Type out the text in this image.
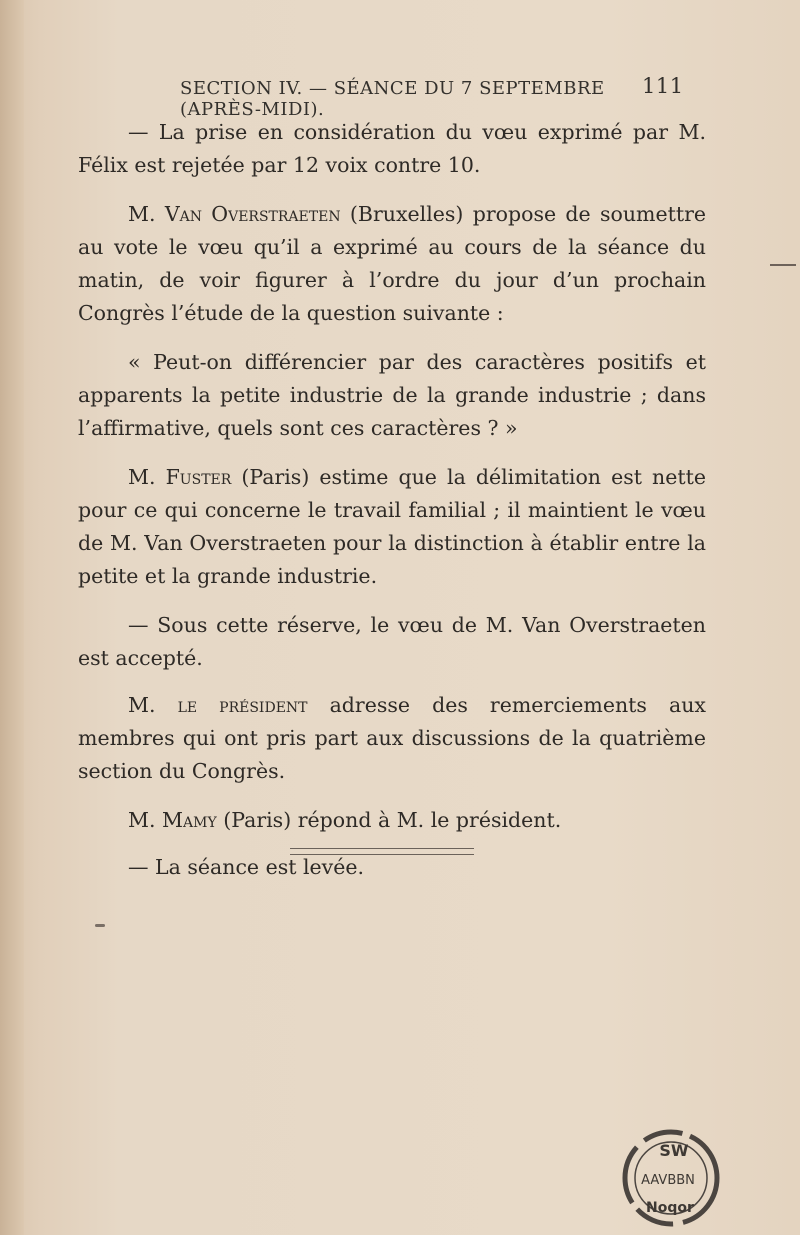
SECTION IV. — SÉANCE DU 7 SEPTEMBRE (APRÈS-MIDI).
111

— La prise en considération du vœu exprimé par M. Félix est rejetée par 12 voix contre 10.

M. Van Overstraeten (Bruxelles) propose de soumettre au vote le vœu qu’il a exprimé au cours de la séance du matin, de voir figurer à l’ordre du jour d’un prochain Congrès l’étude de la question suivante :

« Peut-on différencier par des caractères positifs et apparents la petite industrie de la grande industrie ; dans l’affirmative, quels sont ces caractères ? »

M. Fuster (Paris) estime que la délimitation est nette pour ce qui concerne le travail familial ; il maintient le vœu de M. Van Overstraeten pour la distinction à établir entre la petite et la grande industrie.

— Sous cette réserve, le vœu de M. Van Overstraeten est accepté.

M. le président adresse des remerciements aux membres qui ont pris part aux discussions de la quatrième section du Congrès.

M. Mamy (Paris) répond à M. le président.

— La séance est levée.

SW
AAVBBN
Noqor
